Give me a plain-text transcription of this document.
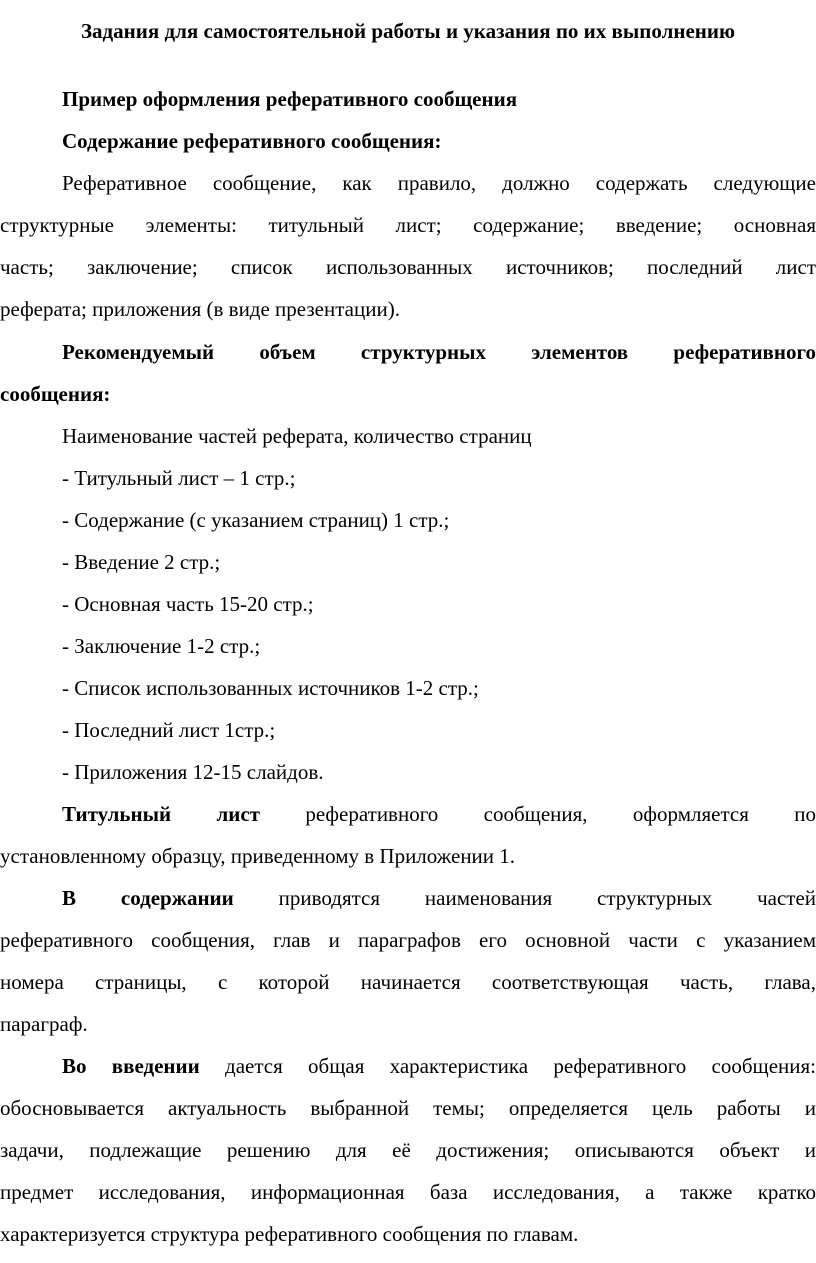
Задания для самостоятельной работы и указания по их выполнению
Пример оформления реферативного сообщения
Содержание реферативного сообщения:
Реферативное сообщение, как правило, должно содержать следующие
структурные элементы: титульный лист; содержание; введение; основная
часть; заключение; список использованных источников; последний лист
реферата; приложения (в виде презентации).
Рекомендуемый объем структурных элементов реферативного
сообщения:
Наименование частей реферата, количество страниц
- Титульный лист – 1 стр.;
- Содержание (с указанием страниц) 1 стр.;
- Введение 2 стр.;
- Основная часть 15-20 стр.;
- Заключение 1-2 стр.;
- Список использованных источников 1-2 стр.;
- Последний лист 1стр.;
- Приложения 12-15 слайдов.
Титульный лист реферативного сообщения, оформляется по
установленному образцу, приведенному в Приложении 1.
В содержании приводятся наименования структурных частей
реферативного сообщения, глав и параграфов его основной части с указанием
номера страницы, с которой начинается соответствующая часть, глава,
параграф.
Во введении дается общая характеристика реферативного сообщения:
обосновывается актуальность выбранной темы; определяется цель работы и
задачи, подлежащие решению для её достижения; описываются объект и
предмет исследования, информационная база исследования, а также кратко
характеризуется структура реферативного сообщения по главам.
